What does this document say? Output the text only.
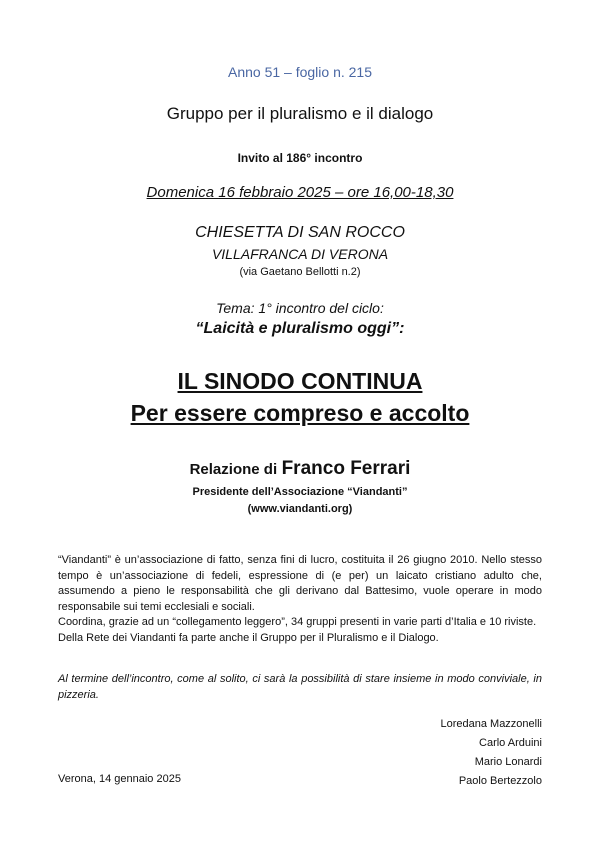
Anno 51 – foglio n. 215
Gruppo per il pluralismo e il dialogo
Invito al 186° incontro
Domenica 16 febbraio 2025 – ore 16,00-18,30
CHIESETTA DI SAN ROCCO
VILLAFRANCA DI VERONA
(via Gaetano Bellotti n.2)
Tema: 1° incontro del ciclo:
“Laicità e pluralismo oggi”:
IL SINODO CONTINUA
Per essere compreso e accolto
Relazione di Franco Ferrari
Presidente dell’Associazione “Viandanti”
(www.viandanti.org)

“Viandanti” è un’associazione di fatto, senza fini di lucro, costituita il 26 giugno 2010. Nello stesso tempo è un’associazione di fedeli, espressione di (e per) un laicato cristiano adulto che, assumendo a pieno le responsabilità che gli derivano dal Battesimo, vuole operare in modo responsabile sui temi ecclesiali e sociali.

Coordina, grazie ad un “collegamento leggero”, 34 gruppi presenti in varie parti d’Italia e 10 riviste.

Della Rete dei Viandanti fa parte anche il Gruppo per il Pluralismo e il Dialogo.

Al termine dell’incontro, come al solito, ci sarà la possibilità di stare insieme in modo conviviale, in pizzeria.
Loredana Mazzonelli
Carlo Arduini
Mario Lonardi
Paolo Bertezzolo
Verona, 14 gennaio 2025
